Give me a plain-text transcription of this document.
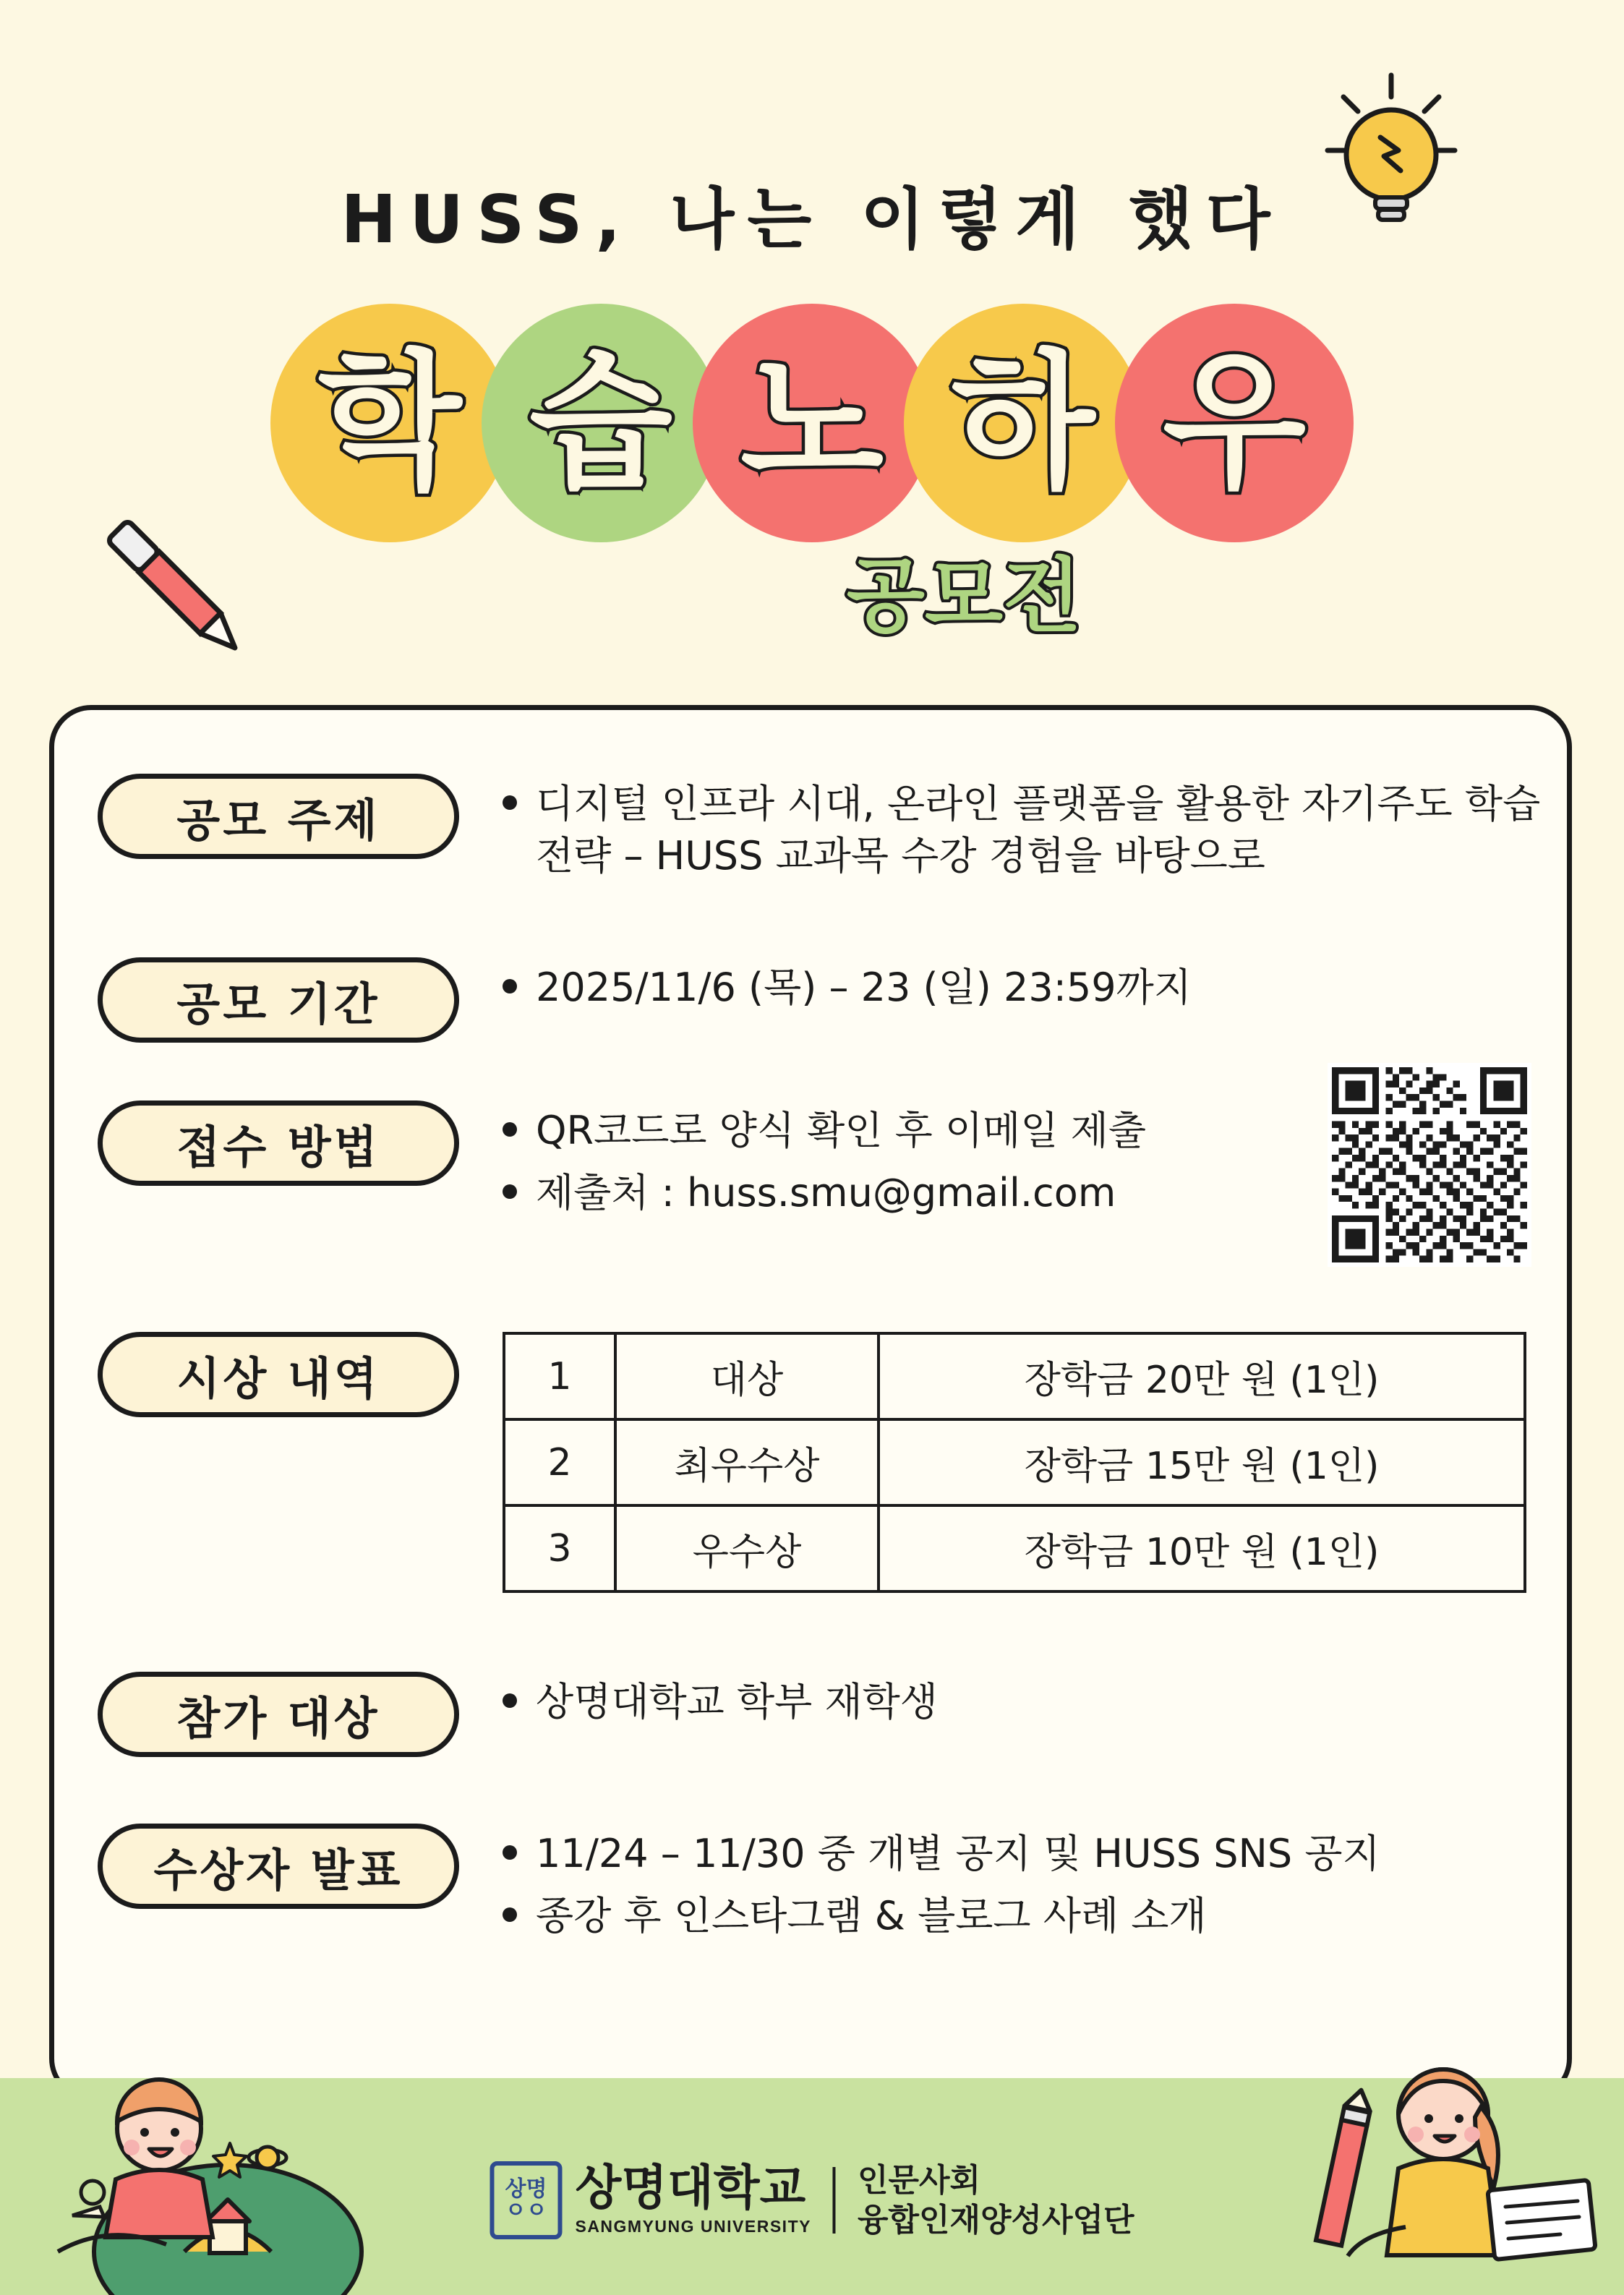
HUSS, 나는 이렇게 했다
학 습 노 하 우
공모전
공모 주제	디지털 인프라 시대, 온라인 플랫폼을 활용한 자기주도 학습 전략 – HUSS 교과목 수강 경험을 바탕으로
공모 기간	2025/11/6 (목) – 23 (일) 23:59까지
접수 방법	QR코드로 양식 확인 후 이메일 제출
제출처 : huss.smu@gmail.com
시상 내역	1	대상	장학금 20만 원 (1인)
2	최우수상	장학금 15만 원 (1인)
3	우수상	장학금 10만 원 (1인)
참가 대상	상명대학교 학부 재학생
수상자 발표	11/24 – 11/30 중 개별 공지 및 HUSS SNS 공지
종강 후 인스타그램 & 블로그 사례 소개
상명
ㅇㅇ 상명대학교
SANGMYUNG UNIVERSITY
인문사회
융합인재양성사업단
